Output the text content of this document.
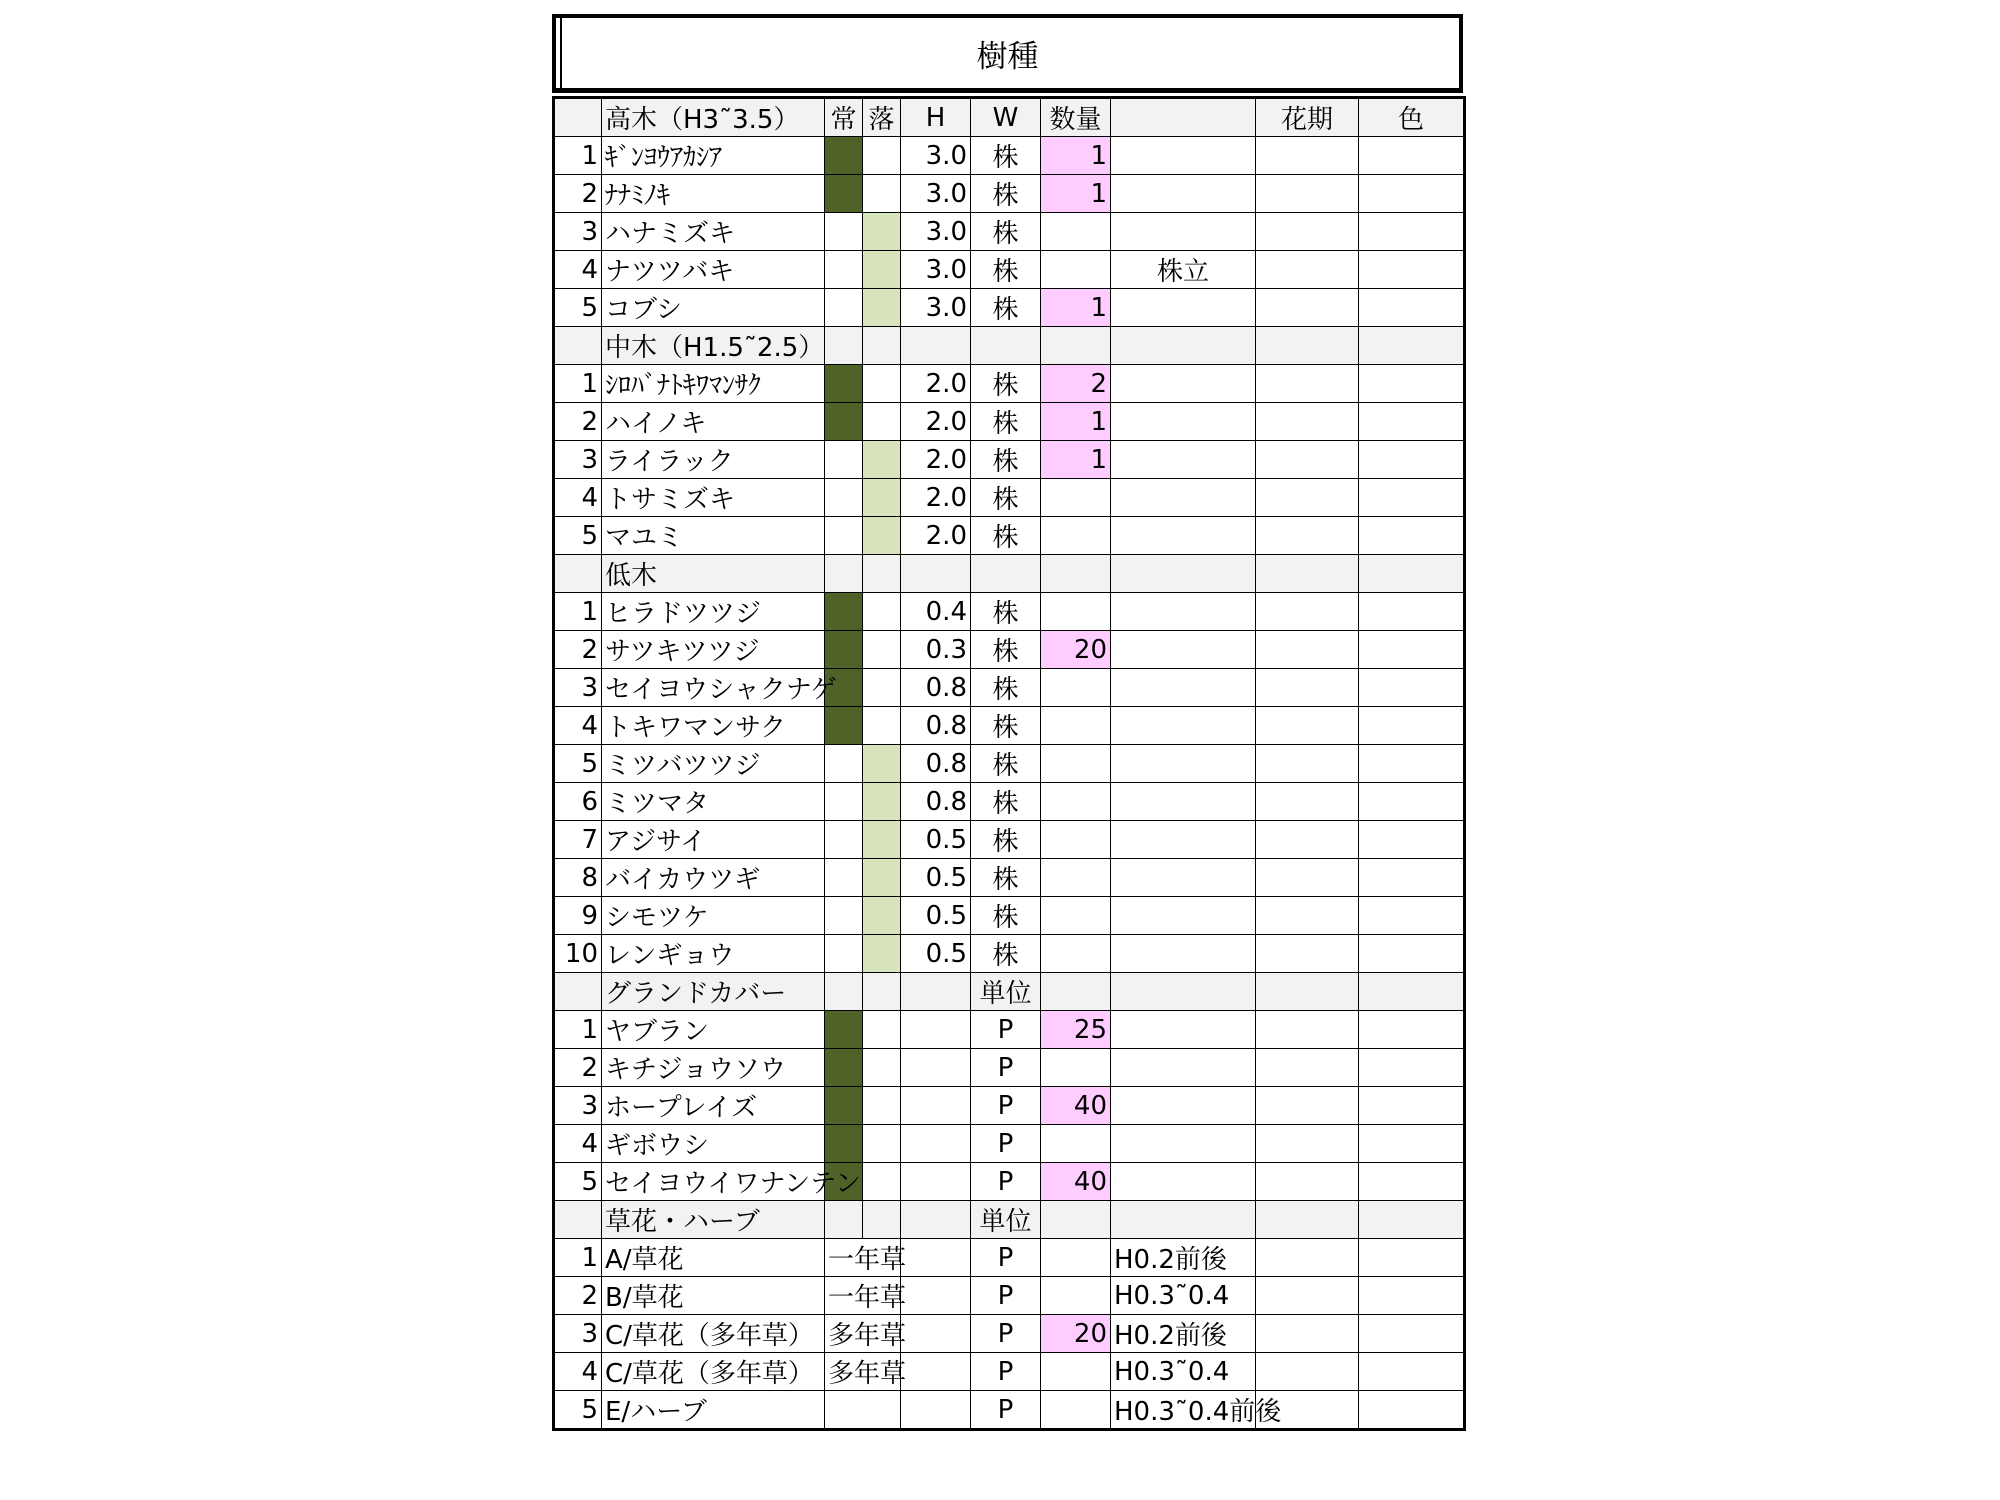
樹種
	高木（H3˜3.5）	常	落	H	W	数量		花期	色
1	ｷﾞﾝﾖｳｱｶｼｱ			3.0	株	1			
2	ﾅﾅﾐﾉｷ			3.0	株	1			
3	ハナミズキ			3.0	株				
4	ナツツバキ			3.0	株		株立		
5	コブシ			3.0	株	1			
	中木（H1.5˜2.5）								
1	ｼﾛﾊﾞﾅﾄｷﾜﾏﾝｻｸ			2.0	株	2			
2	ハイノキ			2.0	株	1			
3	ライラック			2.0	株	1			
4	トサミズキ			2.0	株				
5	マユミ			2.0	株				
	低木								
1	ヒラドツツジ			0.4	株				
2	サツキツツジ			0.3	株	20			
3	セイヨウシャクナゲ			0.8	株				
4	トキワマンサク			0.8	株				
5	ミツバツツジ			0.8	株				
6	ミツマタ			0.8	株				
7	アジサイ			0.5	株				
8	バイカウツギ			0.5	株				
9	シモツケ			0.5	株				
10	レンギョウ			0.5	株				
	グランドカバー				単位				
1	ヤブラン				P	25			
2	キチジョウソウ				P				
3	ホープレイズ				P	40			
4	ギボウシ				P				
5	セイヨウイワナンテン				P	40			
	草花・ハーブ				単位				
1	A/草花	一年草			P		H0.2前後		
2	B/草花	一年草			P		H0.3˜0.4		
3	C/草花（多年草）	多年草			P	20	H0.2前後		
4	C/草花（多年草）	多年草			P		H0.3˜0.4		
5	E/ハーブ				P		H0.3˜0.4前後		
